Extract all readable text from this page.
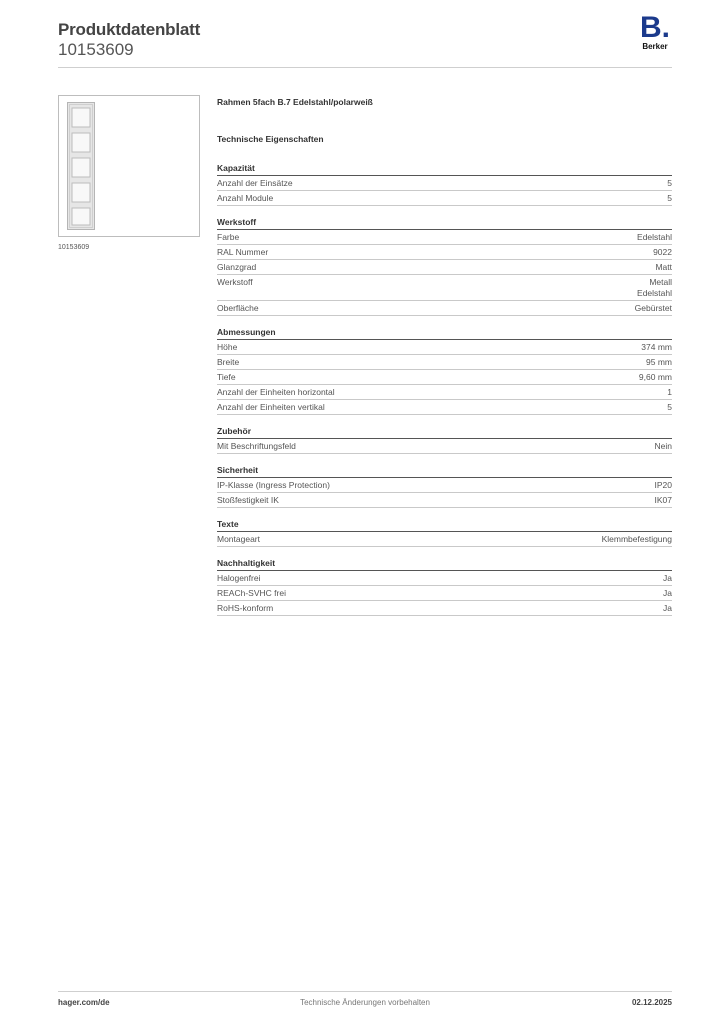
Produktdatenblatt
10153609
B.
Berker
10153609
Rahmen 5fach B.7 Edelstahl/polarweiß
Technische Eigenschaften
Kapazität
Anzahl der Einsätze	5
Anzahl Module	5
Werkstoff
Farbe	Edelstahl
RAL Nummer	9022
Glanzgrad	Matt
Werkstoff	Metall
Edelstahl
Oberfläche	Gebürstet
Abmessungen
Höhe	374 mm
Breite	95 mm
Tiefe	9,60 mm
Anzahl der Einheiten horizontal	1
Anzahl der Einheiten vertikal	5
Zubehör
Mit Beschriftungsfeld	Nein
Sicherheit
IP-Klasse (Ingress Protection)	IP20
Stoßfestigkeit IK	IK07
Texte
Montageart	Klemmbefestigung
Nachhaltigkeit
Halogenfrei	Ja
REACh-SVHC frei	Ja
RoHS-konform	Ja
hager.com/de	Technische Änderungen vorbehalten	02.12.2025
